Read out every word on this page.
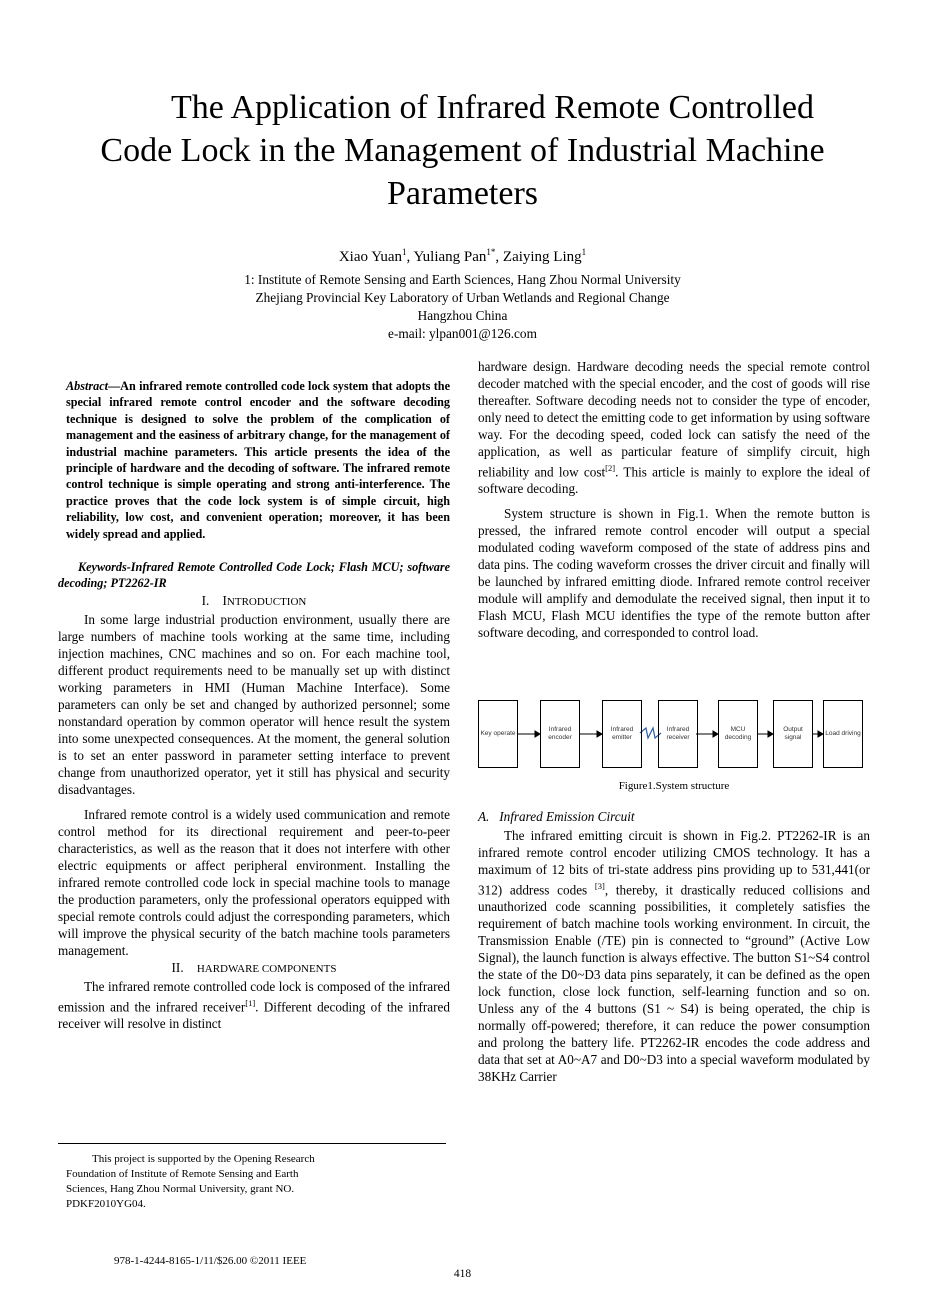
The Application of Infrared Remote Controlled
Code Lock in the Management of Industrial Machine
Parameters
Xiao Yuan$^1$, Yuliang Pan$^{1*}$, Zaiying Ling$^1$
1: Institute of Remote Sensing and Earth Sciences, Hang Zhou Normal University
Zhejiang Provincial Key Laboratory of Urban Wetlands and Regional Change
Hangzhou China
e-mail: ylpan001@126.com

Abstract—An infrared remote controlled code lock system that adopts the special infrared remote control encoder and the software decoding technique is designed to solve the problem of the complication of management and the easiness of arbitrary change, for the management of industrial machine parameters. This article presents the idea of the principle of hardware and the decoding of software. The infrared remote control technique is simple operating and strong anti-interference. The practice proves that the code lock system is of simple circuit, high reliability, low cost, and convenient operation; moreover, it has been widely spread and applied.

Keywords-Infrared Remote Controlled Code Lock; Flash MCU; software decoding; PT2262-IR

I. INTRODUCTION

In some large industrial production environment, usually there are large numbers of machine tools working at the same time, including injection machines, CNC machines and so on. For each machine tool, different product requirements need to be manually set up with distinct working parameters in HMI (Human Machine Interface). Some parameters can only be set and changed by authorized personnel; some nonstandard operation by common operator will hence result the system into some unexpected consequences. At the moment, the general solution is to set an enter password in parameter setting interface to prevent change from unauthorized operator, yet it still has physical and security disadvantages.

Infrared remote control is a widely used communication and remote control method for its directional requirement and peer-to-peer characteristics, as well as the reason that it does not interfere with other electric equipments or affect peripheral environment. Installing the infrared remote controlled code lock in special machine tools to manage the production parameters, only the professional operators equipped with special remote controls could adjust the corresponding parameters, which will improve the physical security of the batch machine tools parameters management.

II. HARDWARE COMPONENTS

The infrared remote controlled code lock is composed of the infrared emission and the infrared receiver[1]. Different decoding of the infrared receiver will resolve in distinct

hardware design. Hardware decoding needs the special remote control decoder matched with the special encoder, and the cost of goods will rise thereafter. Software decoding needs not to consider the type of encoder, only need to detect the emitting code to get information by using software way. For the decoding speed, coded lock can satisfy the need of the application, as well as particular feature of simplify circuit, high reliability and low cost[2]. This article is mainly to explore the ideal of software decoding.

System structure is shown in Fig.1. When the remote button is pressed, the infrared remote control encoder will output a special modulated coding waveform composed of the state of address pins and data pins. The coding waveform crosses the driver circuit and finally will be launched by infrared emitting diode. Infrared remote control receiver module will amplify and demodulate the received signal, then input it to Flash MCU, Flash MCU identifies the type of the remote button after software decoding, and corresponded to control load.

Key operate
Infrared encoder
Infrared emitter
Infrared receiver
MCU decoding
Output signal
Load driving
Figure1.System structure

A. Infrared Emission Circuit

The infrared emitting circuit is shown in Fig.2. PT2262-IR is an infrared remote control encoder utilizing CMOS technology. It has a maximum of 12 bits of tri-state address pins providing up to 531,441(or 312) address codes [3], thereby, it drastically reduced collisions and unauthorized code scanning possibilities, it completely satisfies the requirement of batch machine tools working environment. In circuit, the Transmission Enable (/TE) pin is connected to “ground” (Active Low Signal), the launch function is always effective. The button S1~S4 control the state of the D0~D3 data pins separately, it can be defined as the open lock function, close lock function, self-learning function and so on. Unless any of the 4 buttons (S1 ~ S4) is being operated, the chip is normally off-powered; therefore, it can reduce the power consumption and prolong the battery life. PT2262-IR encodes the code address and data that set at A0~A7 and D0~D3 into a special waveform modulated by 38KHz Carrier

This project is supported by the Opening Research
Foundation of Institute of Remote Sensing and Earth
Sciences, Hang Zhou Normal University, grant NO.
PDKF2010YG04.
978-1-4244-8165-1/11/$26.00 ©2011 IEEE
418
